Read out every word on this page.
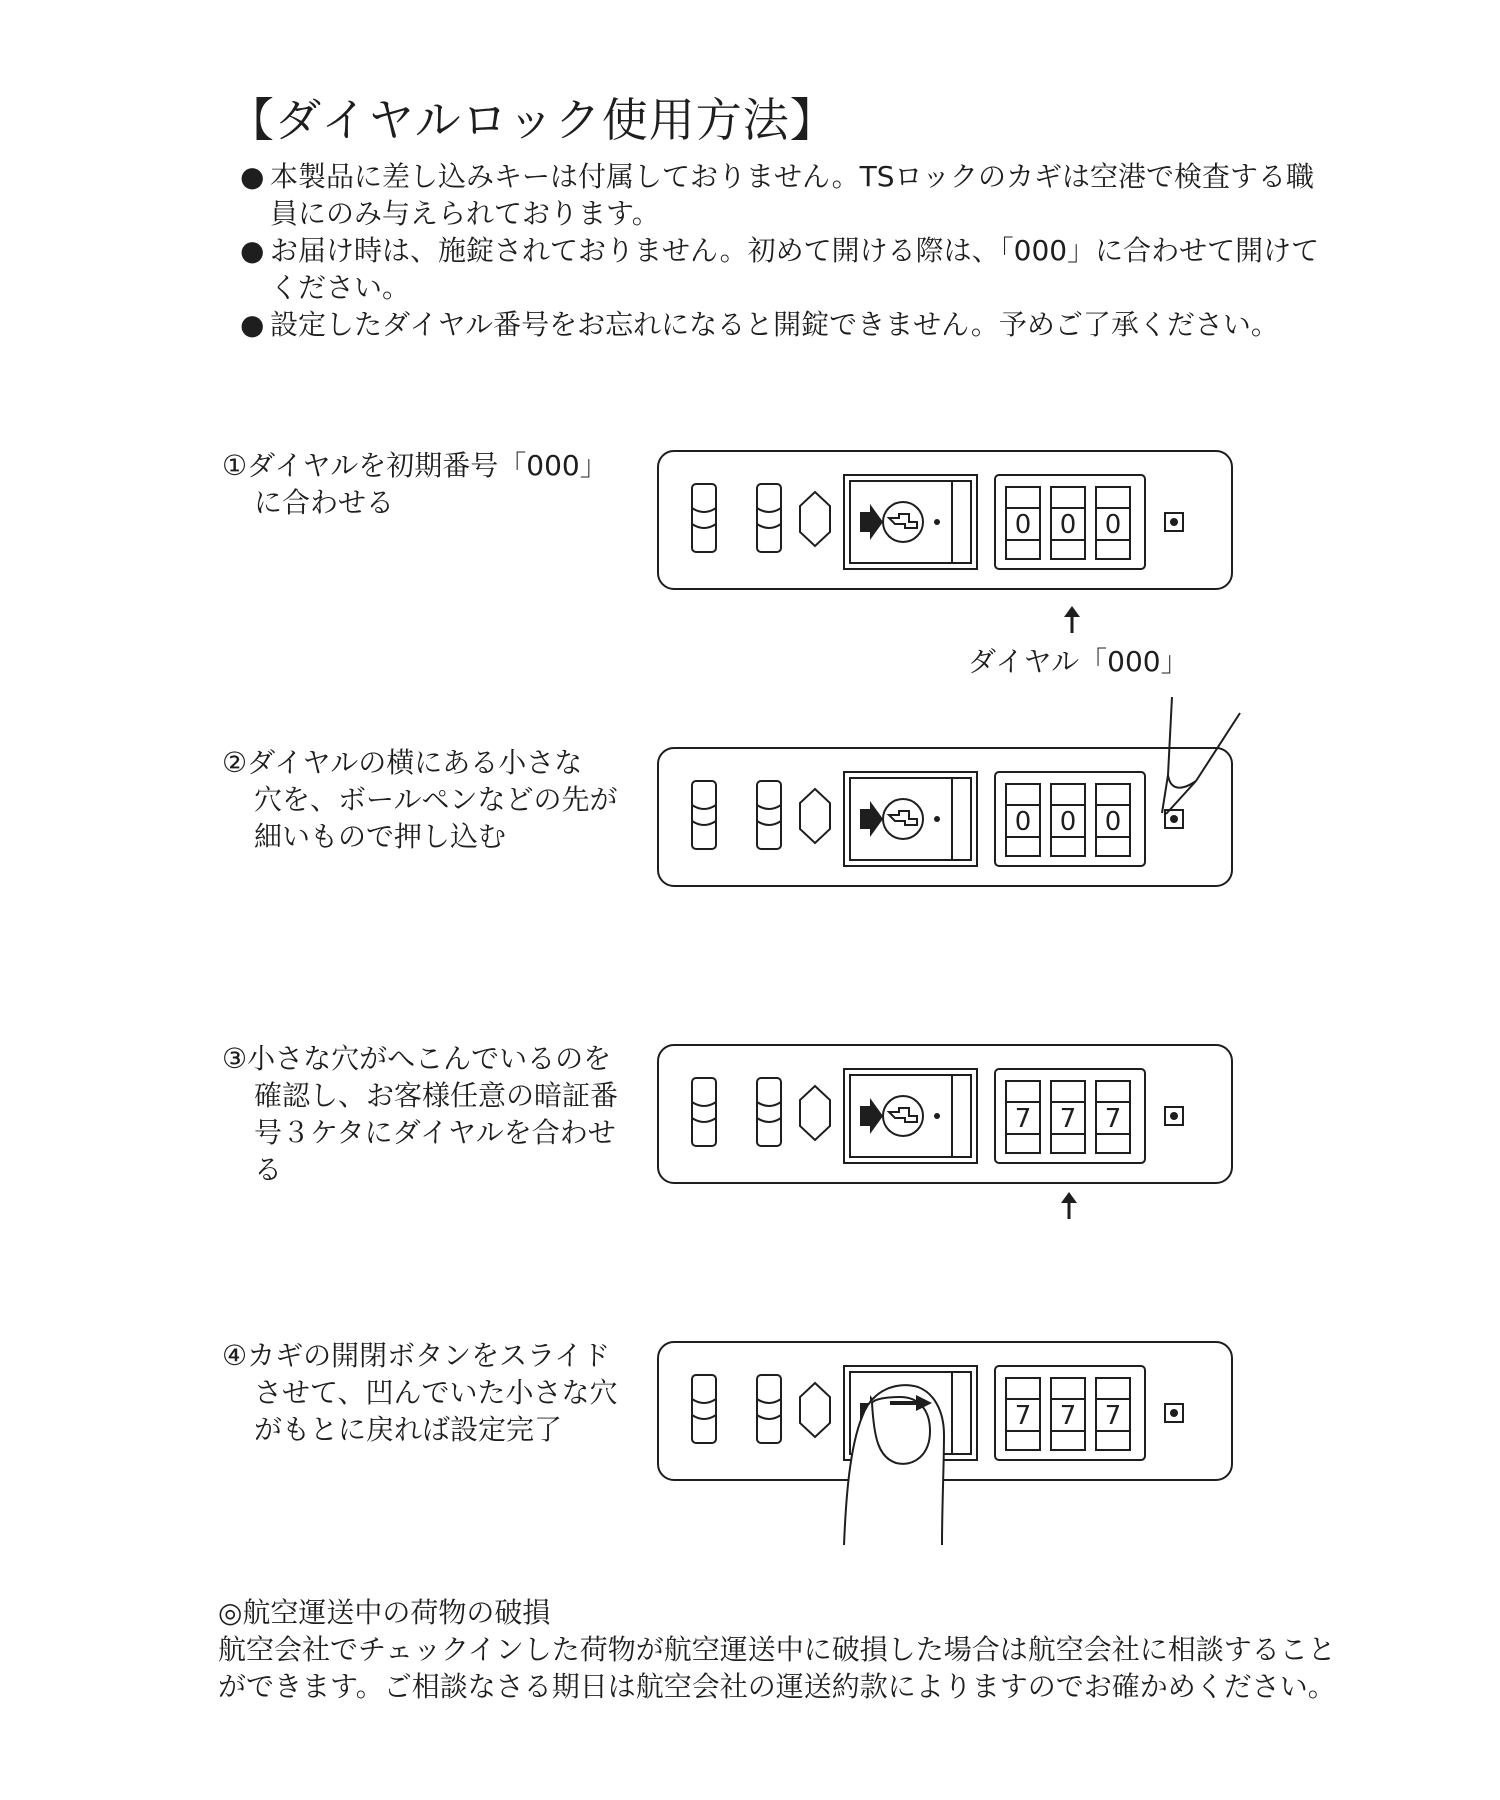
【ダイヤルロック使用方法】

● 本製品に差し込みキーは付属しておりません。TSロックのカギは空港で検査する職員にのみ与えられております。

● お届け時は、施錠されておりません。初めて開ける際は、「000」に合わせて開けてください。

● 設定したダイヤル番号をお忘れになると開錠できません。予めご了承ください。

①ダイヤルを初期番号「000」
に合わせる
②ダイヤルの横にある小さな
穴を、ボールペンなどの先が細いもので押し込む
③小さな穴がへこんでいるのを
確認し、お客様任意の暗証番号３ケタにダイヤルを合わせる
④カギの開閉ボタンをスライド
させて、凹んでいた小さな穴がもとに戻れば設定完了
0 0 0
0 0 0
7 7 7
7 7 7
ダイヤル「000」

◎航空運送中の荷物の破損

航空会社でチェックインした荷物が航空運送中に破損した場合は航空会社に相談することができます。ご相談なさる期日は航空会社の運送約款によりますのでお確かめください。
